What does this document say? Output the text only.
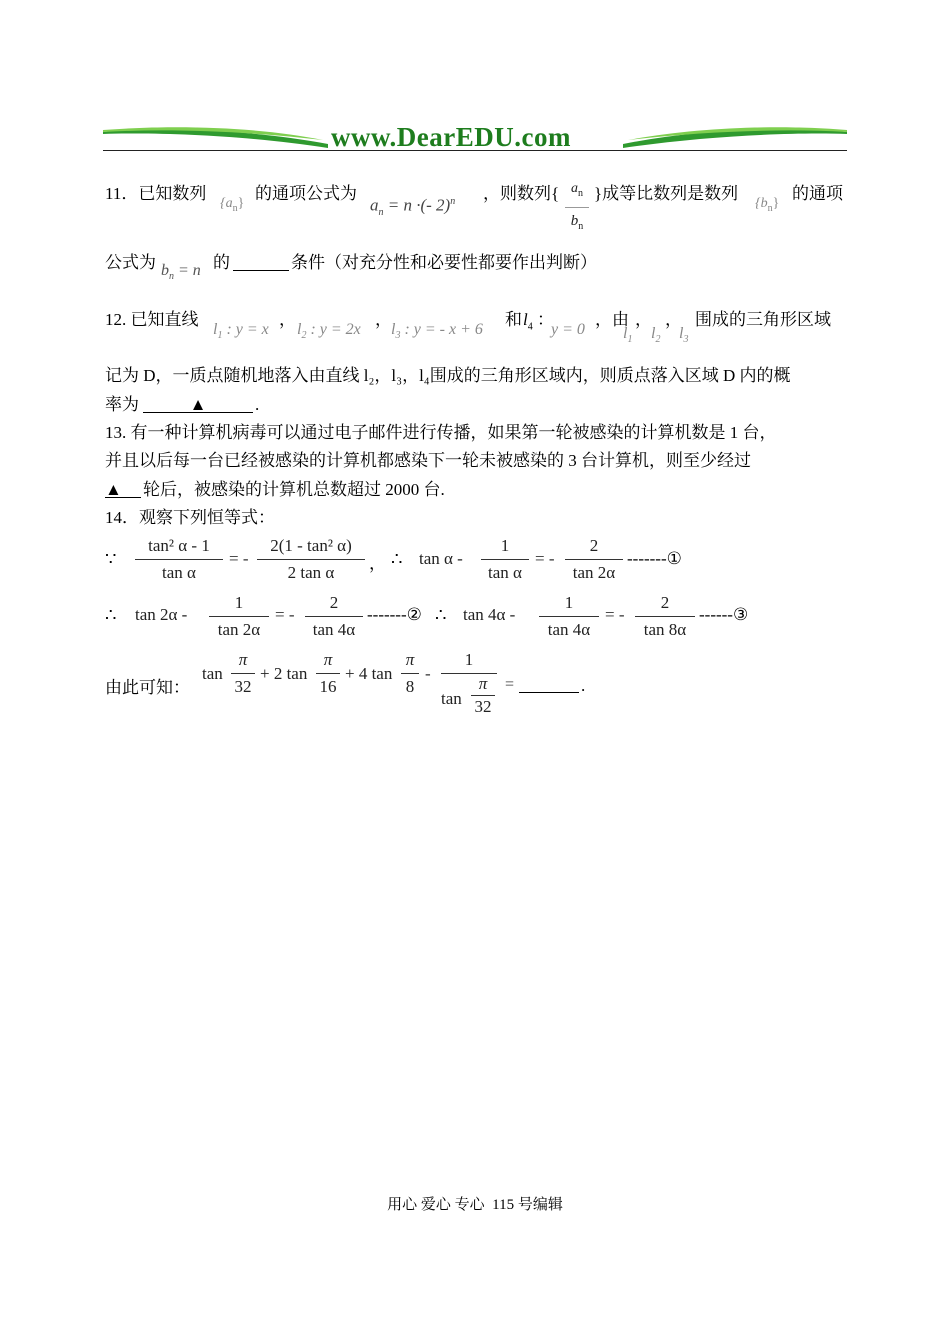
www.DearEDU.com
11．已知数列
$\{a_n\}$
的通项公式为
$a_n = n$ ·(- 2)$^n$ ，则数列{ $a_n$
$b_n$
}成等比数列是数列
$\{b_n\}$
的通项
公式为 $b_n = n$ 的	条件（对充分性和必要性都要作出判断）
12. 已知直线
$l_1$ : y = x
，
$l_2$ : y = 2x
，
$l_3$ : y = - x + 6
和 $l_4$ ：
y = 0
，由
$l_1$
，
$l_2$
，
$l_3$
围成的三角形区域
记为 D，一质点随机地落入由直线 l₂，l₃，l₄围成的三角形区域内，则质点落入区域 D 内的概
率为	▲	.
13. 有一种计算机病毒可以通过电子邮件进行传播，如果第一轮被感染的计算机数是 1 台，
并且以后每一台已经被感染的计算机都感染下一轮未被感染的 3 台计算机，则至少经过
▲	轮后，被感染的计算机总数超过 2000 台.
14．观察下列恒等式：
∵
tan² α - 1
tan α
= -
2(1 - tan² α)
2 tan α	， ∴ tan α -
1
tan α
= -
2
tan 2α
-------①
∴ tan 2α -
1
tan 2α
= -
2
tan 4α
-------② ∴ tan 4α -
1
tan 4α
= -
2
tan 8α
------③
由此可知：
tan
π
32
+ 2 tan
π
16
+ 4 tan
π
8
-
1
tan
π
32
=	.
用心 爱心 专心  115 号编辑
